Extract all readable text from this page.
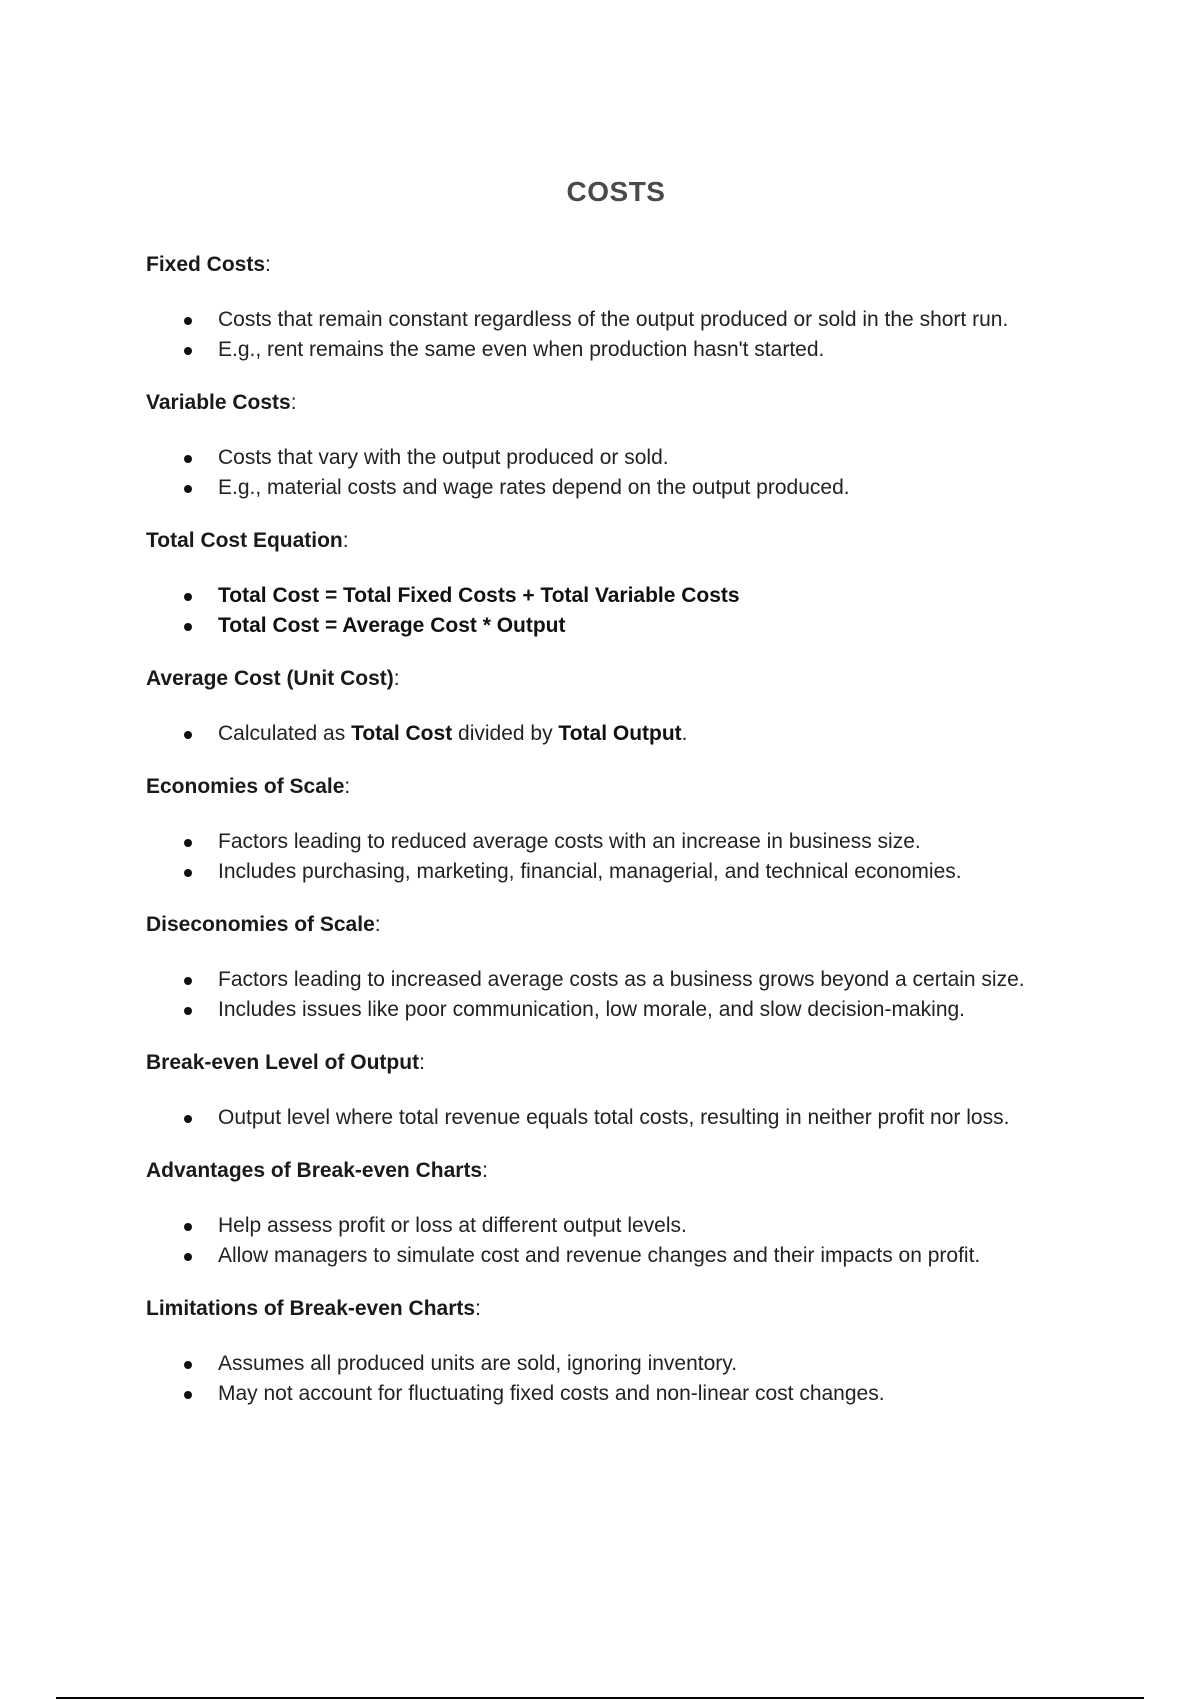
COSTS
Fixed Costs:
Costs that remain constant regardless of the output produced or sold in the short run.
E.g., rent remains the same even when production hasn't started.
Variable Costs:
Costs that vary with the output produced or sold.
E.g., material costs and wage rates depend on the output produced.
Total Cost Equation:
Total Cost = Total Fixed Costs + Total Variable Costs
Total Cost = Average Cost * Output
Average Cost (Unit Cost):
Calculated as Total Cost divided by Total Output.
Economies of Scale:
Factors leading to reduced average costs with an increase in business size.
Includes purchasing, marketing, financial, managerial, and technical economies.
Diseconomies of Scale:
Factors leading to increased average costs as a business grows beyond a certain size.
Includes issues like poor communication, low morale, and slow decision-making.
Break-even Level of Output:
Output level where total revenue equals total costs, resulting in neither profit nor loss.
Advantages of Break-even Charts:
Help assess profit or loss at different output levels.
Allow managers to simulate cost and revenue changes and their impacts on profit.
Limitations of Break-even Charts:
Assumes all produced units are sold, ignoring inventory.
May not account for fluctuating fixed costs and non-linear cost changes.
